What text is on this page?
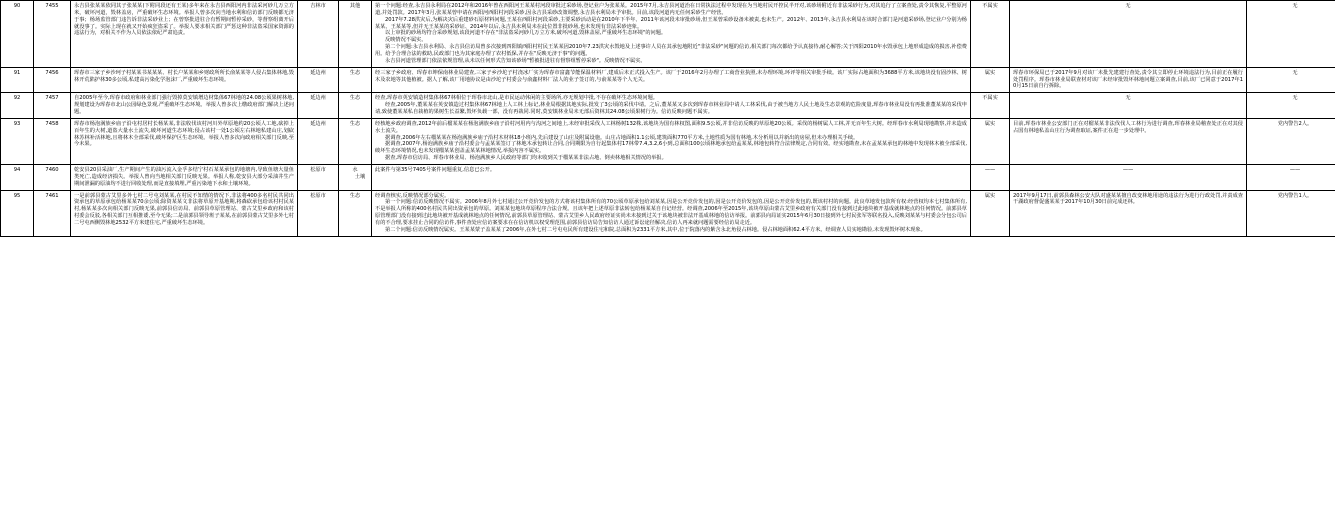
90	7455	永吉县张某某依同其子张某某(下附同段还有王某)多年来在永吉县西阳河内非法采河砂几万立方米，破坏河道，毁林盖房，严重破坏生态环境。举报人曾多次向当地水利和信访部门反映都无济于事；杨场监管部门违告诉非法采砂业上；在曾察批进驻合有暂期间暂停采砂，等督察组离开后就没事了。实际上现在就又开始疯狂盗采了。举报人要求相关部门严惩这种非法盗采国家资源的违法行为，对相关不作为人员依法依纪严肃追责。	吉林市	其他	第一个问题:经查,永吉县永利局在2012年和2016年曾在西阳河王某某村河段审批过采砂场,登记业户为张某某。2015年7月,永吉县河道治在日常执法过程中发现在为当地村民开控民半开对,该砂场附近有非法采砂行为,对其追行了立案查处,责令其恢复,平整原河道,并处罚款。2017年3月,张某某曾申请在西阳河西阳村河段采砂,因永吉县采砂改策调整,永吉县水利局未予审批。目前,该段河道内无任何采砂生产经营。
2017年7.28洪灾后,为解决灾后重建砂石原材料问题,王某在西阳村河段采砂,主要采砂活动是在2010年下半年、2011年该河段未审批砂场,但王某曾采砂设备未被责,也未生产。2012年、2013年,永吉县水利局在该时合部门是河道采砂场,登记业户分别为杨某某、王某某等,但并无王某某的采砂证、2014年以后,永吉县未利局未在此位置非批砂场,也未发现有非法采砂迹象。
以上审批的砂场均符合采砂规划,该段河道不存在"非法盗采河砂几万立方米,破坏河道,毁林盖屋,严重破坏生态环境"的问题。
反映情况不属实。
第二个问题:永吉县水利局、永吉县信访局曾多次接到四阳镇西阳村村民王某某因2010年7.23洪灾水毁地及上述事许人员在其承包地附近"非法采砂"问题的信访,相关部门每次都给予认真接待,耐心解答;关于四阳2010年水毁承包上地形成造成的损害,补偿费用。给予合理合法的救助,民政部门也为其家庭办理了农村低保,并存在"反映无济于事"的问题。
永吉县河道管理部门依法依规管理,从未以任何形式告知该砂场"暂被批进驻有督察组暂停采砂"。反映情况不属实。
	不属实	无	无
91	7456	珲春市三家子乡沙珂子村某某书某某某、村长户某某和乡财政所所长俞某某等人侵占集体林地,毁林开荒陷护林30多公顷,私建高污染化学泡沫厂,严重破坏生态环境。	延边州	生态	经三家子乡政府、珲春市坤保南林业局建查,三家子乡沙坨子村浇冰厂实为珲春市富鑫节能保温材料厂,建成后未正式投入生产。该厂于2016年2月办理了工商营业执照,未办理环境,环评等相关审批手续。该厂实际占地面积为3688平方米,该地块没有固沙林、树木及农地等其他植被。据人了解,该厂用地协议是由沙坨子村委会与俞鑫材料厂法人的业子签订的,与俞某某等个人无关。	属实	珲春市环保局已于2017年9月对该厂未批先建建行查处,责令其立即停止环境违法行为,目前正在履行处罚程序。珲春市林业局联查材对该厂未经审批毁坏林地问题立案调查,目前,该厂已同意于2017年10月15日前自行拆除。	无
92	7457	自2005年至今,珲春市政府和林业部门强行毁掉莫安镇增边材集体67林地的24.08公顷果树林地,规划建设为珲春市北山公园绿色景观,严重破坏生态环境。举报人曾多次上缴政府部门解决上述问题。	延边州	生态	经查,珲春市英安镇造材集体林67林相位于珲春市北山,是市民运动休闲的主要场所,亦无规划中批,不存在破坏生态环境问题。
经查,2005年,董某某在英安镇造过村集休林67林地上人工林上标记,林业局根据其地实际,批发了3公顷的采伐中请。之后,董某某又多次到珲春市林业局中请人工林采伐,由于被当地方人民土地及生态景观的危险度量,珲春市林业局没有再批准董某某的采伐申请,致使董某某私自栽植的果树生长益繁,毁坏负载一部，没有再栽同.同时,莫安镇林业局未无部后资林其24.08公顷果树行为。信访反映问题不属实。	不属实	无	无
93	7458	珲春市杨泡满族乡庙子沿屯村居村长杨某某,非法收伐该村河川外草原地约20公顷人工地,砍掉上百年生的大树,道盗大量水土流失,破坏河道生态环境;侵占该村一处1公顷左右林地私建山庄,划砍林苏林补活林地,且将林木全部采伐,破坏保护区生态环境。举报人曾多次向政府相关部门反映,至今未果。	延边州	生态	经核地乡政府调查,2012年前后榴某某在杨泡满族乡庙子沿村河用内与沟河之间地上,未经审批采伐人工林杨树132株,该地块为国有林权图,面积9.5公顷,并非信访反映的草原地20公顷。采伐的杨树属人工林,并无百年生大树。经珲春市水利局现地勘察,并未造成水土流失。
据调查,2006年左右榴某某在杨泡满族乡庙子沿村木材林18小班内,先后建设了山庄及附属设施。山庄占地面积1.1公顷,建筑面积770平方米,土地性质为国有林地,木分析用以并新出的房屋,但未办理相关手续。
据调查,2007年,杨泡满族乡庙子沿村委会与孟某某签订了林地木承包转让合同,合同期限为自行起集体村17林带7.4,3.2,6小到,总面积100公顷林地承包给孟某某,林地包转符合法律规定,合同有效。经实地勘查,未在孟某某承包的林地中发现林木被全部采伐,破坏生态环境情况,也未发现榴某某创盖孟某某林地情况,举报内容不属实。
据查,珲春市信访局、珲春市林业局、杨泡满族乡人民政府等部门均未收到关于榴某某非法占地、倒卖林地相关情况的举报。	属实	目前,珲春市林业公安部门正在对榴某某非法伐伐人工林行为进行调查,珲春林业局稽查处正在对其侵占国有林地私盖山庄行为调查取证,案件正在进一步处理中。	党内警告2人。
94	7460	乾安县20县采油厂,生产期间产生的油污流入金孚多结宁村石某某承包的地塘内,导致鱼塘大量鱼类死亡,造成经济损失。举报人曾向当地相关部门反映无果。举报人称,乾安县大部分采油井生产期间泄漏的原油均不进行回收处理,而是直接填埋,严重污染地下水和土壤环境。	松原市	水
土壤	此案件与第35号7405号案件问题重复,信息已公开。	——	——	——
95	7461	一是前郭县蒙古艾里多外七村二号屯刘某某,在村民不知情的情况下,非法将400多名村民共同出资承包的草原承包给杨某某70余公顷;除资某某文非法将草原开基地期,将森砍承包给该村村民某村,杨某某多次向相关部门反映无果,前郭县信访局、前郭县草原管理站、蒙古艾里乡政府和该村村委会反驳,各相关部门互相推诿,至今无果;二是前郭县领导班子某某,在前郭县蒙古艾里多外七村二号屯西侧毁林地2532平方米建住宅,严重破坏生态环境。	松原市	生态	经调查核实,反映情况部分属实。
第一个问题:信访反映情况不属实。2006年8月外七村通过公开竞价发包的方式将该村集体所有的70公顷草原承包给刘某某,因是公开竞价发包的,因是公开竞价发包的,因是公开竞价发包的,既该村村的向题。此良草地发包款所有权:经营权均本七村集体所有,不是举报人所称的400名村民共同出资承包的草原。刘某某包地块草原程序合法合规。且该年把上述草原非法转包给杨某某自自记经营。经调查,2006年至2015年,该块草原由蒙古艾里乡政府有关部门没有接到过此地块被开基成就林地点的任何情况。前郭县草原管理部门没有接到过此地块被开基成就林地点的任何情况,前郭县草原管理站、蒙古艾里乡人民政府经证实尚未未接到过关于该地块被非法开基成林地的信访举报。前郭县向局证实2015年6月30日接到外七村民张军等联名投入,反映刘某某与村委会分包公司后有的不合理,要求挂止合同的信访件,事件查处应信访案要求在在信访机以权受理范围,前郭县信访局告知信访人通过诉讼途径解决,信访人再来就问题需要经信访局走近。
第二个问题:信访反映情况属实。王某某蒙子盖某某了2006年,在外七村二号屯屯民所有建设住宅和院,总面积为2331平方米,其中,位于院落内的紫含永北角侵占林地。侵占林地面积62.4平方米。经调查人员实地勘验,未发现毁坏树木现象。
	属实	2017年9月17日,前郭县森林公安大队对盛某某擅自改变林地用途的违法行为进行行政处罚,并责成查干湖政府督促盛某某于2017年10月30日前完成还林。	党内警告1人。
